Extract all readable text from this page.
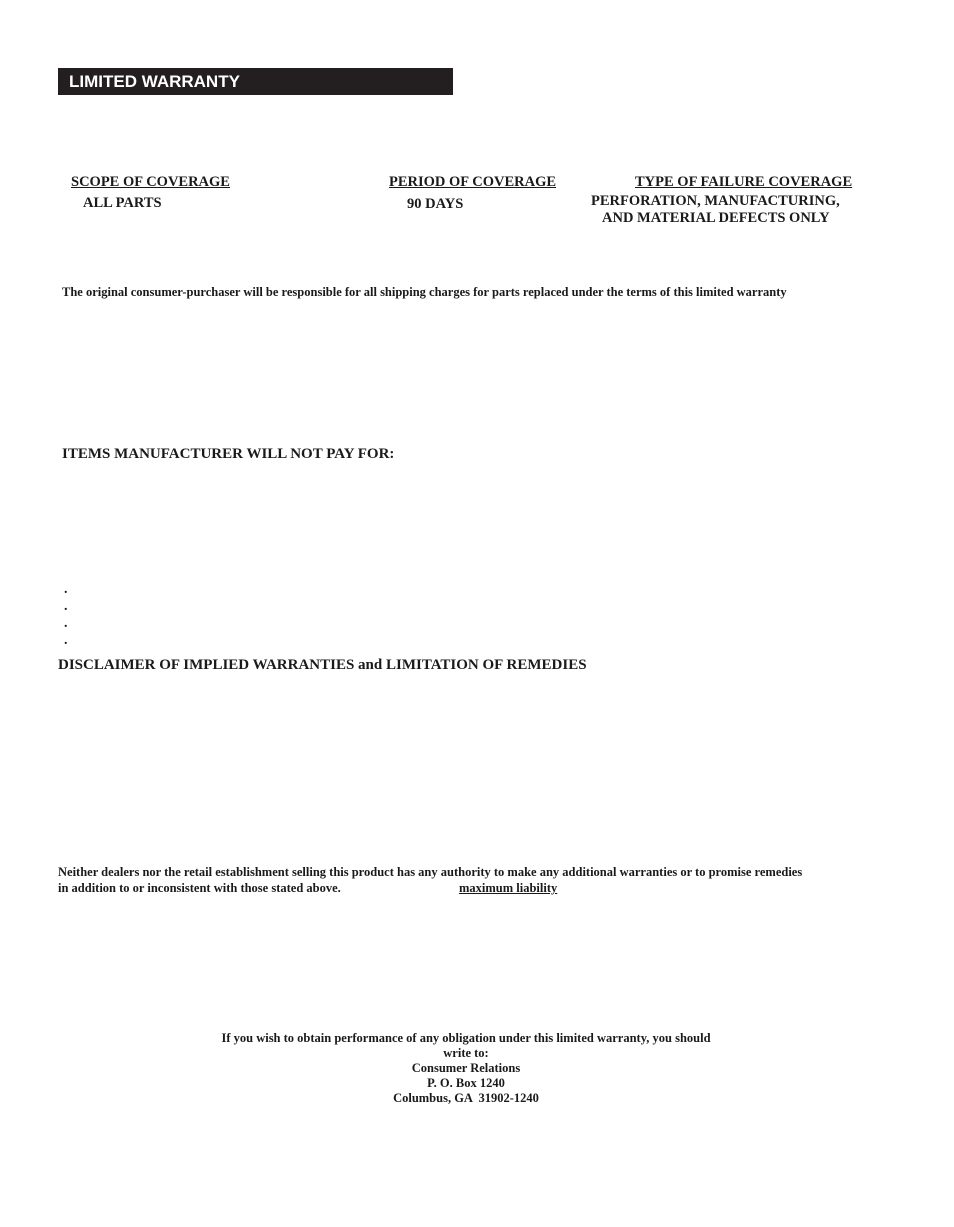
LIMITED WARRANTY
SCOPE OF COVERAGE
ALL PARTS
PERIOD OF COVERAGE
90 DAYS
TYPE OF FAILURE COVERAGE
PERFORATION, MANUFACTURING,
AND MATERIAL DEFECTS ONLY
The original consumer-purchaser will be responsible for all shipping charges for parts replaced under the terms of this limited warranty
ITEMS MANUFACTURER WILL NOT PAY FOR:
.
.
.
.
DISCLAIMER OF IMPLIED WARRANTIES and LIMITATION OF REMEDIES
Neither dealers nor the retail establishment selling this product has any authority to make any additional warranties or to promise remedies
in addition to or inconsistent with those stated above.	maximum liability
If you wish to obtain performance of any obligation under this limited warranty, you should
write to:
Consumer Relations
P. O. Box 1240
Columbus, GA  31902-1240
